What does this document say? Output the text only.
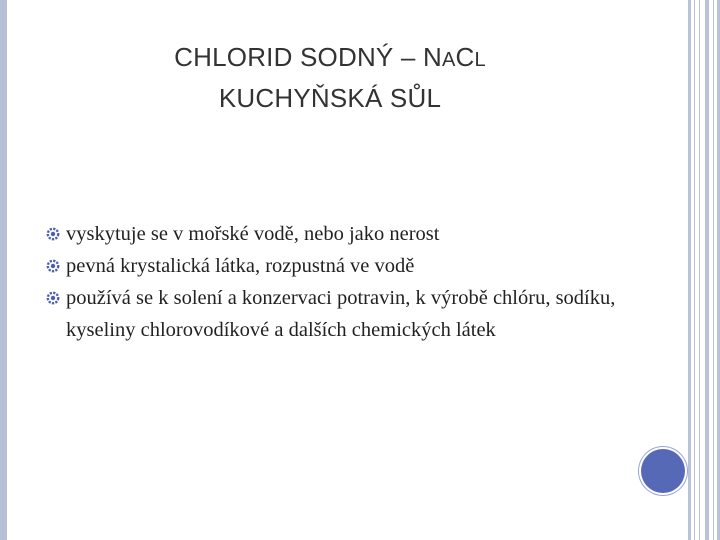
CHLORID SODNÝ – NACL
KUCHYŇSKÁ SŮL
vyskytuje se v mořské vodě, nebo jako nerost
pevná krystalická látka, rozpustná ve vodě
používá se k solení a konzervaci potravin, k výrobě chlóru, sodíku, kyseliny chlorovodíkové a dalších chemických látek
